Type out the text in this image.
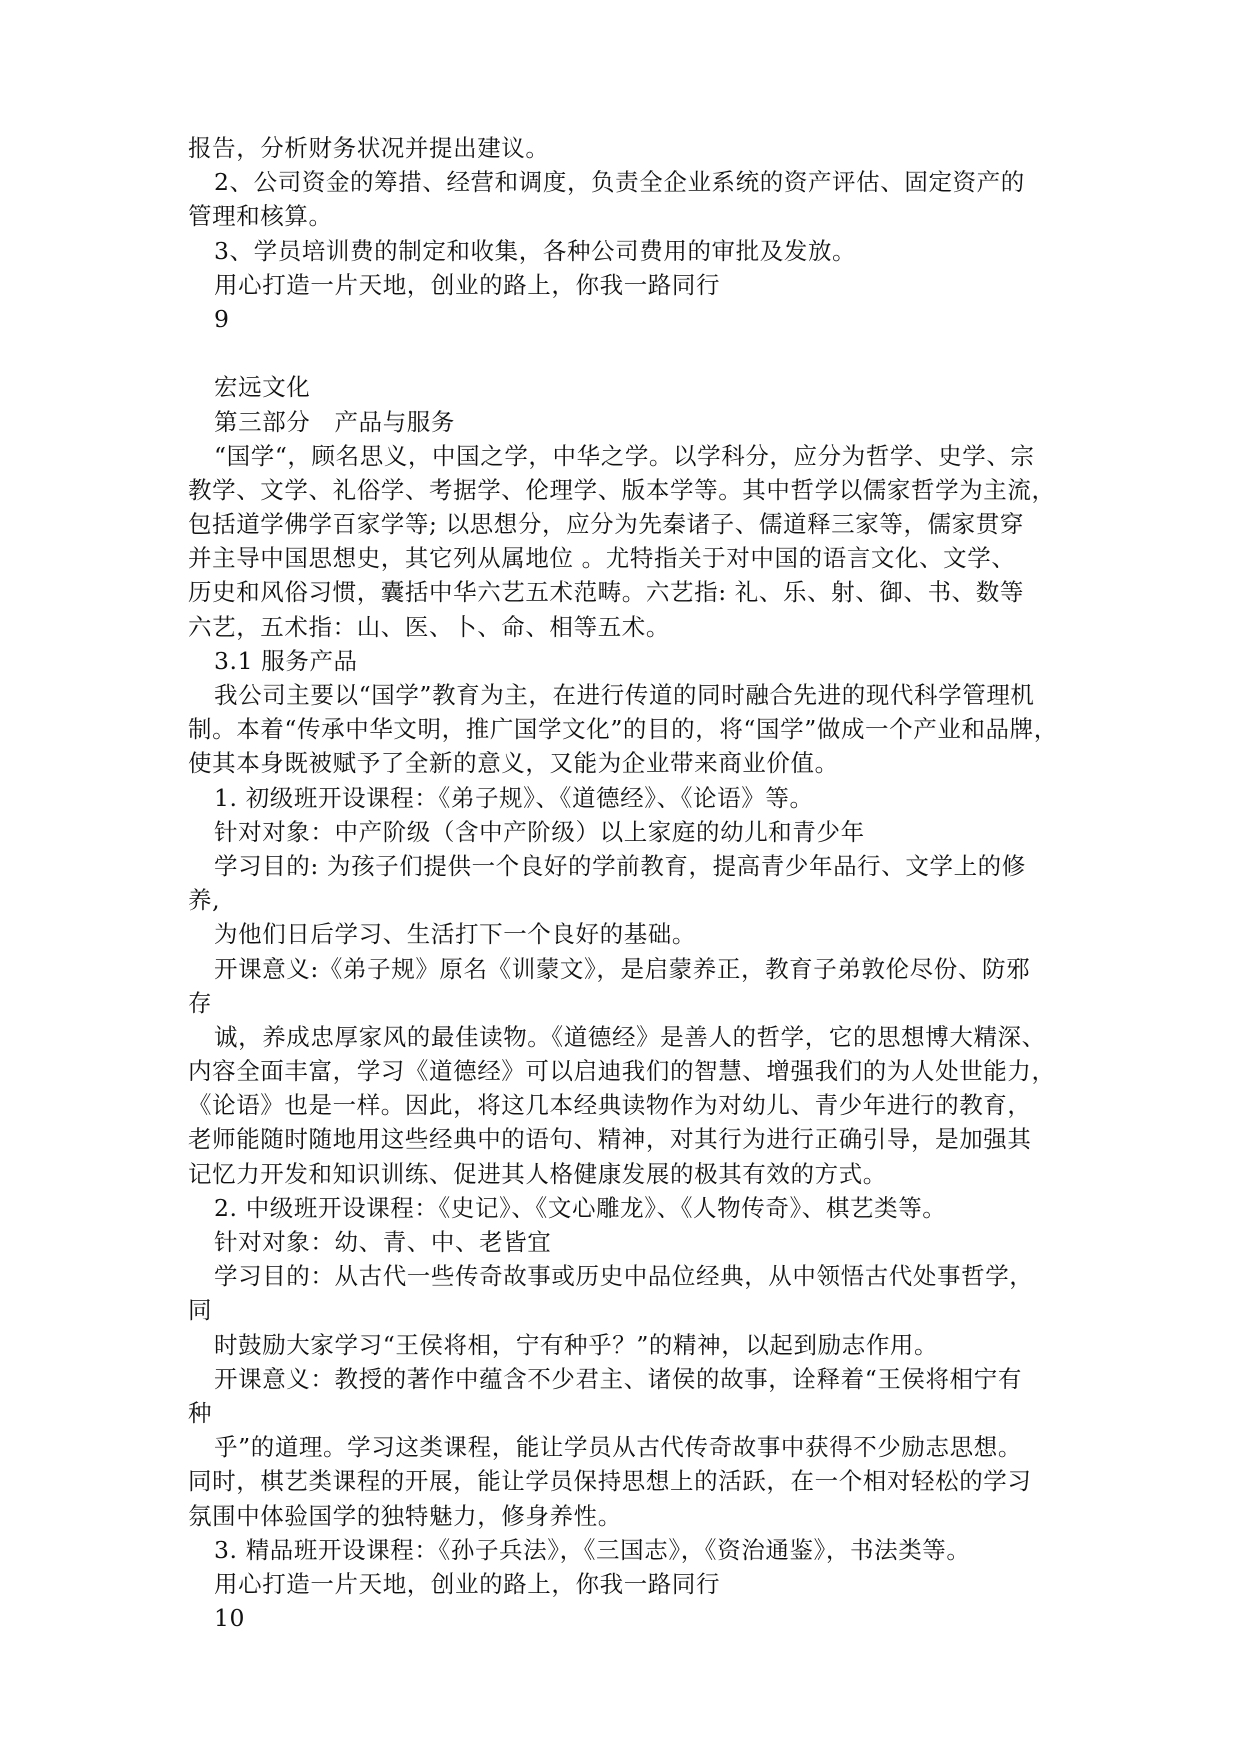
报告，分析财务状况并提出建议。
2、公司资金的筹措、经营和调度，负责全企业系统的资产评估、固定资产的
管理和核算。
3、学员培训费的制定和收集，各种公司费用的审批及发放。
用心打造一片天地，创业的路上，你我一路同行
9
宏远文化
第三部分　产品与服务
“国学“，顾名思义，中国之学，中华之学。以学科分，应分为哲学、史学、宗
教学、文学、礼俗学、考据学、伦理学、版本学等。其中哲学以儒家哲学为主流，
包括道学佛学百家学等; 以思想分，应分为先秦诸子、儒道释三家等，儒家贯穿
并主导中国思想史，其它列从属地位 。尤特指关于对中国的语言文化、文学、
历史和风俗习惯，囊括中华六艺五术范畴。六艺指: 礼、乐、射、御、书、数等
六艺，五术指：山、医、卜、命、相等五术。
3.1 服务产品
我公司主要以“国学”教育为主，在进行传道的同时融合先进的现代科学管理机
制。本着“传承中华文明，推广国学文化”的目的，将“国学”做成一个产业和品牌，
使其本身既被赋予了全新的意义，又能为企业带来商业价值。
1. 初级班开设课程：《弟子规》、《道德经》、《论语》等。
针对对象：中产阶级（含中产阶级）以上家庭的幼儿和青少年
学习目的: 为孩子们提供一个良好的学前教育，提高青少年品行、文学上的修
养,
为他们日后学习、生活打下一个良好的基础。
开课意义:《弟子规》原名《训蒙文》，是启蒙养正，教育子弟敦伦尽份、防邪
存
诚，养成忠厚家风的最佳读物。《道德经》是善人的哲学，它的思想博大精深、
内容全面丰富，学习《道德经》可以启迪我们的智慧、增强我们的为人处世能力，
《论语》也是一样。因此，将这几本经典读物作为对幼儿、青少年进行的教育，
老师能随时随地用这些经典中的语句、精神，对其行为进行正确引导，是加强其
记忆力开发和知识训练、促进其人格健康发展的极其有效的方式。
2. 中级班开设课程：《史记》、《文心雕龙》、《人物传奇》、棋艺类等。
针对对象：幼、青、中、老皆宜
学习目的：从古代一些传奇故事或历史中品位经典，从中领悟古代处事哲学，
同
时鼓励大家学习“王侯将相，宁有种乎？”的精神，以起到励志作用。
开课意义：教授的著作中蕴含不少君主、诸侯的故事，诠释着“王侯将相宁有
种
乎”的道理。学习这类课程，能让学员从古代传奇故事中获得不少励志思想。
同时，棋艺类课程的开展，能让学员保持思想上的活跃，在一个相对轻松的学习
氛围中体验国学的独特魅力，修身养性。
3. 精品班开设课程：《孙子兵法》，《三国志》，《资治通鉴》，书法类等。
用心打造一片天地，创业的路上，你我一路同行
10
